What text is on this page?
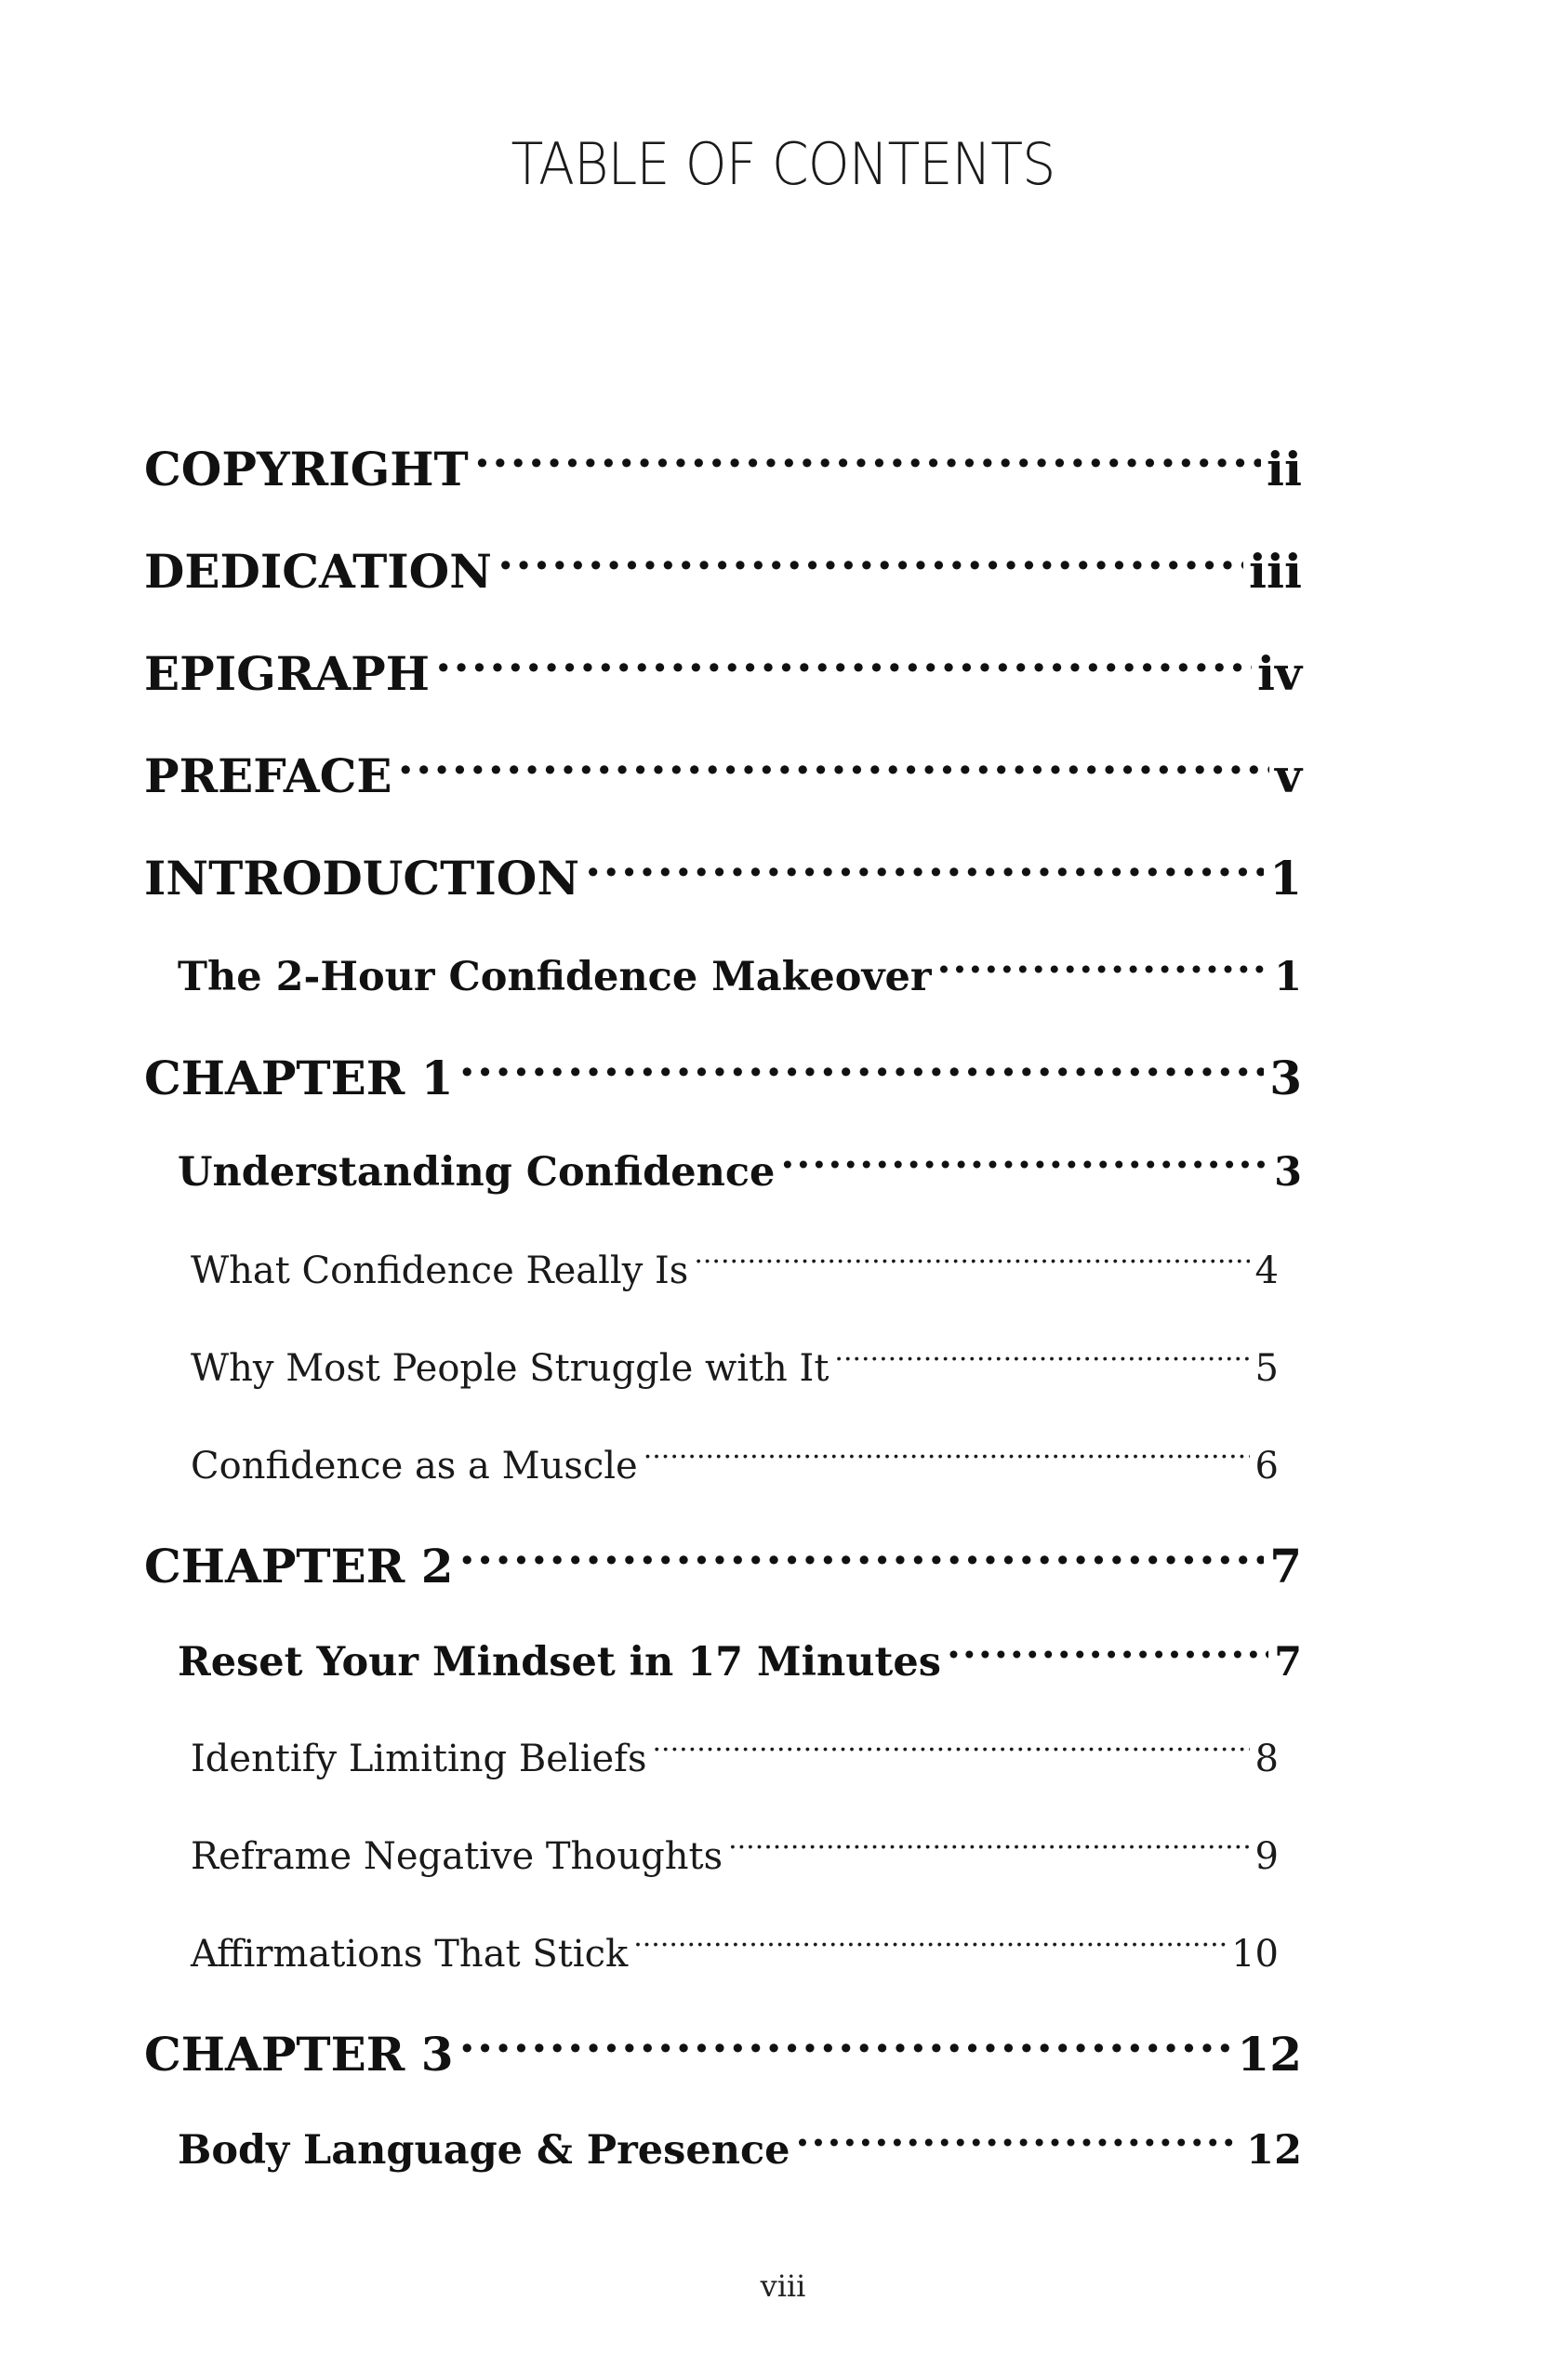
TABLE OF CONTENTS
COPYRIGHT .....	ii
DEDICATION .....	iii
EPIGRAPH .....	iv
PREFACE .....	v
INTRODUCTION .....	1
The 2-Hour Confidence Makeover .....	1
CHAPTER 1 .....	3
Understanding Confidence .....	3
What Confidence Really Is .....	4
Why Most People Struggle with It .....	5
Confidence as a Muscle .....	6
CHAPTER 2 .....	7
Reset Your Mindset in 17 Minutes .....	7
Identify Limiting Beliefs .....	8
Reframe Negative Thoughts .....	9
Affirmations That Stick .....	10
CHAPTER 3 .....	12
Body Language & Presence .....	12
viii
